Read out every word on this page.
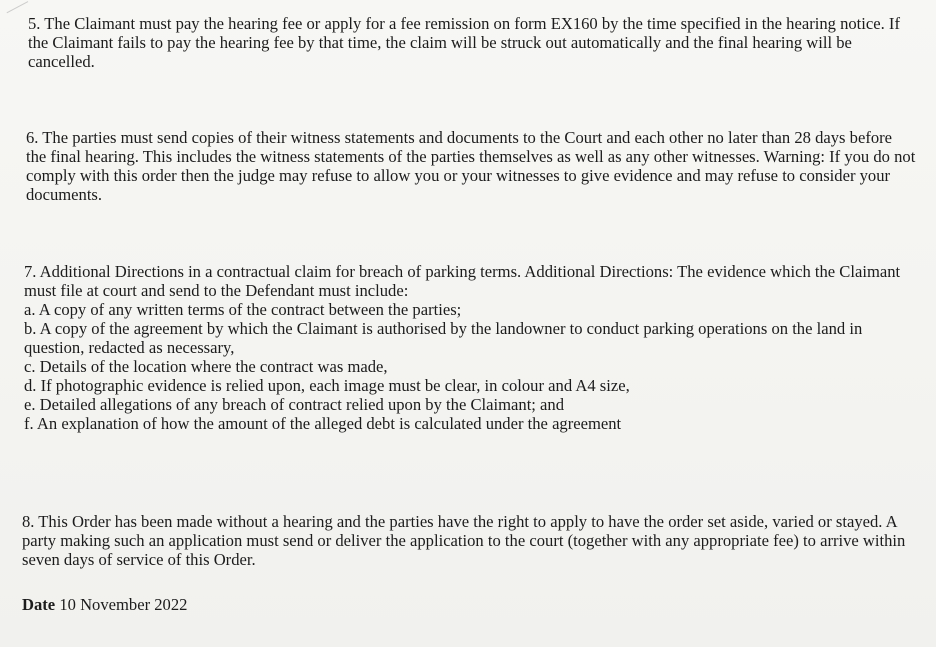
5. The Claimant must pay the hearing fee or apply for a fee remission on form EX160 by the time specified in the hearing notice. If the Claimant fails to pay the hearing fee by that time, the claim will be struck out automatically and the final hearing will be cancelled.

6. The parties must send copies of their witness statements and documents to the Court and each other no later than 28 days before the final hearing. This includes the witness statements of the parties themselves as well as any other witnesses. Warning: If you do not comply with this order then the judge may refuse to allow you or your witnesses to give evidence and may refuse to consider your documents.

7. Additional Directions in a contractual claim for breach of parking terms. Additional Directions: The evidence which the Claimant must file at court and send to the Defendant must include:
a. A copy of any written terms of the contract between the parties;
b. A copy of the agreement by which the Claimant is authorised by the landowner to conduct parking operations on the land in question, redacted as necessary,
c. Details of the location where the contract was made,
d. If photographic evidence is relied upon, each image must be clear, in colour and A4 size,
e. Detailed allegations of any breach of contract relied upon by the Claimant; and
f. An explanation of how the amount of the alleged debt is calculated under the agreement

8. This Order has been made without a hearing and the parties have the right to apply to have the order set aside, varied or stayed. A party making such an application must send or deliver the application to the court (together with any appropriate fee) to arrive within seven days of service of this Order.

Date 10 November 2022
